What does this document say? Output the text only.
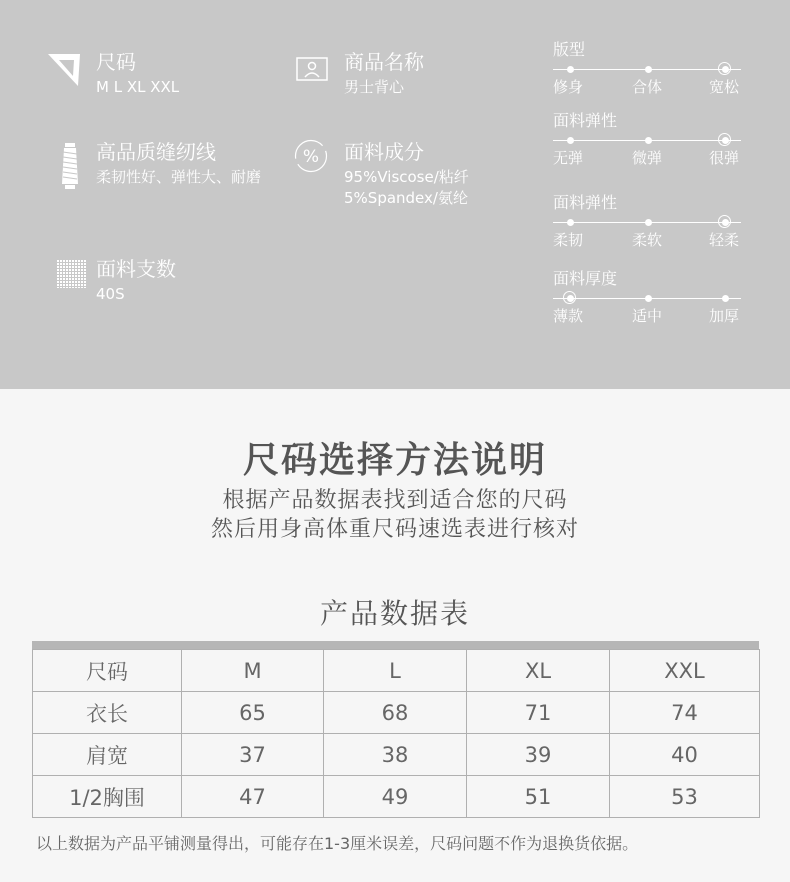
尺码
M L XL XXL
商品名称
男士背心
高品质缝纫线
柔韧性好、弹性大、耐磨
% 面料成分
95%Viscose/粘纤
5%Spandex/氨纶
面料支数
40S
版型
修身	合体	宽松
面料弹性
无弹	微弹	很弹
面料弹性
柔韧	柔软	轻柔
面料厚度
薄款	适中	加厚
尺码选择方法说明
根据产品数据表找到适合您的尺码
然后用身高体重尺码速选表进行核对
产品数据表
尺码	M	L	XL	XXL
衣长	65	68	71	74
肩宽	37	38	39	40
1/2胸围	47	49	51	53
以上数据为产品平铺测量得出，可能存在1-3厘米误差，尺码问题不作为退换货依据。
